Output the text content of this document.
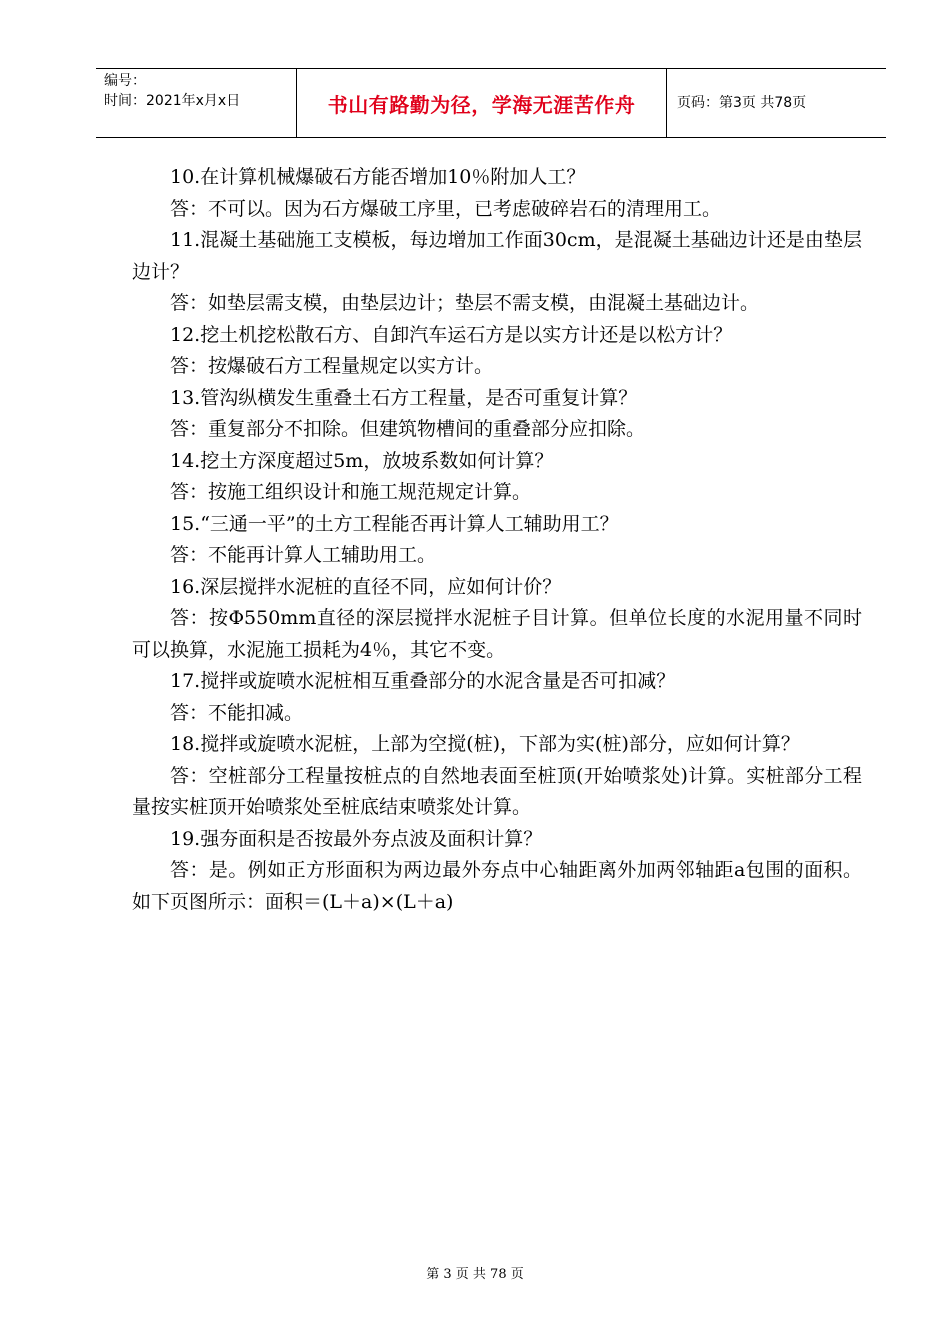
编号：
时间：2021年x月x日	书山有路勤为径，学海无涯苦作舟	页码：第3页 共78页

10.在计算机械爆破石方能否增加10％附加人工？

答：不可以。因为石方爆破工序里，已考虑破碎岩石的清理用工。

11.混凝土基础施工支模板，每边增加工作面30cm，是混凝土基础边计还是由垫层边计？

答：如垫层需支模，由垫层边计；垫层不需支模，由混凝土基础边计。

12.挖土机挖松散石方、自卸汽车运石方是以实方计还是以松方计？

答：按爆破石方工程量规定以实方计。

13.管沟纵横发生重叠土石方工程量，是否可重复计算？

答：重复部分不扣除。但建筑物槽间的重叠部分应扣除。

14.挖土方深度超过5m，放坡系数如何计算？

答：按施工组织设计和施工规范规定计算。

15.“三通一平”的土方工程能否再计算人工辅助用工？

答：不能再计算人工辅助用工。

16.深层搅拌水泥桩的直径不同，应如何计价？

答：按Φ550mm直径的深层搅拌水泥桩子目计算。但单位长度的水泥用量不同时可以换算，水泥施工损耗为4％，其它不变。

17.搅拌或旋喷水泥桩相互重叠部分的水泥含量是否可扣减？

答：不能扣减。

18.搅拌或旋喷水泥桩，上部为空搅(桩)，下部为实(桩)部分，应如何计算？

答：空桩部分工程量按桩点的自然地表面至桩顶(开始喷浆处)计算。实桩部分工程量按实桩顶开始喷浆处至桩底结束喷浆处计算。

19.强夯面积是否按最外夯点波及面积计算？

答：是。例如正方形面积为两边最外夯点中心轴距离外加两邻轴距a包围的面积。如下页图所示：面积＝(L＋a)×(L＋a)

第 3 页 共 78 页
